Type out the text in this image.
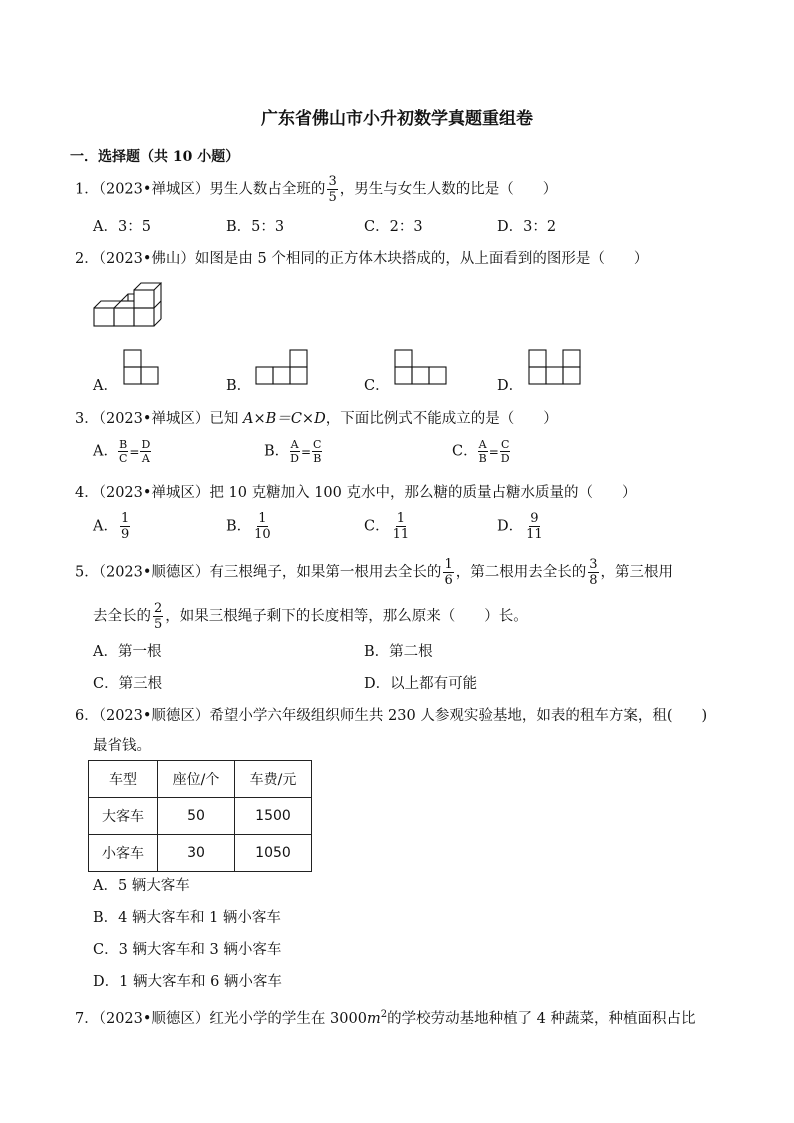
广东省佛山市小升初数学真题重组卷
一．选择题（共 10 小题）
1．（2023•禅城区）男生人数占全班的 $\frac{3}{5}$ ，男生与女生人数的比是（　　）
A．3：5	B．5：3	C．2：3	D．3：2
2．（2023•佛山）如图是由 5 个相同的正方体木块搭成的，从上面看到的图形是（　　）
A．	B．	C．	D．
3．（2023•禅城区）已知 A×B＝C×D，下面比例式不能成立的是（　　）
A． $\frac{B}{C} = \frac{D}{A}$	B． $\frac{A}{D} = \frac{C}{B}$	C． $\frac{A}{B} = \frac{C}{D}$
4．（2023•禅城区）把 10 克糖加入 100 克水中，那么糖的质量占糖水质量的（　　）
A． $\frac{1}{9}$	B． $\frac{1}{10}$	C． $\frac{1}{11}$	D． $\frac{9}{11}$
5．（2023•顺德区）有三根绳子，如果第一根用去全长的 $\frac{1}{6}$ ，第二根用去全长的 $\frac{3}{8}$ ，第三根用
去全长的 $\frac{2}{5}$ ，如果三根绳子剩下的长度相等，那么原来（　　）长。
A．第一根	B．第二根
C．第三根	D．以上都有可能
6．（2023•顺德区）希望小学六年级组织师生共 230 人参观实验基地，如表的租车方案，租(　　)
最省钱。
车型	座位/个	车费/元
大客车	50	1500
小客车	30	1050
A．5 辆大客车
B．4 辆大客车和 1 辆小客车
C．3 辆大客车和 3 辆小客车
D．1 辆大客车和 6 辆小客车
7．（2023•顺德区）红光小学的学生在 $3000m^2$的学校劳动基地种植了 4 种蔬菜，种植面积占比
